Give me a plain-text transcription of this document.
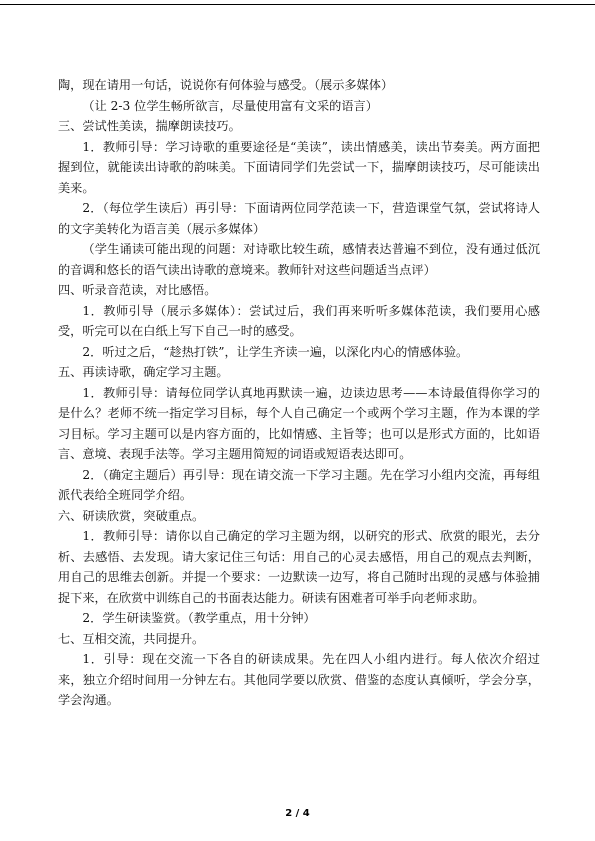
陶，现在请用一句话，说说你有何体验与感受。（展示多媒体）

（让 2-3 位学生畅所欲言，尽量使用富有文采的语言）

三、尝试性美读，揣摩朗读技巧。

1．教师引导：学习诗歌的重要途径是“美读”，读出情感美，读出节奏美。两方面把握到位，就能读出诗歌的韵味美。下面请同学们先尝试一下，揣摩朗读技巧，尽可能读出美来。

2．（每位学生读后）再引导：下面请两位同学范读一下，营造课堂气氛，尝试将诗人的文字美转化为语言美（展示多媒体）

（学生诵读可能出现的问题：对诗歌比较生疏，感情表达普遍不到位，没有通过低沉的音调和悠长的语气读出诗歌的意境来。教师针对这些问题适当点评）

四、听录音范读，对比感悟。

1．教师引导（展示多媒体）：尝试过后，我们再来听听多媒体范读，我们要用心感受，听完可以在白纸上写下自己一时的感受。

2．听过之后，“趁热打铁”，让学生齐读一遍，以深化内心的情感体验。

五、再读诗歌，确定学习主题。

1．教师引导：请每位同学认真地再默读一遍，边读边思考——本诗最值得你学习的是什么？老师不统一指定学习目标，每个人自己确定一个或两个学习主题，作为本课的学习目标。学习主题可以是内容方面的，比如情感、主旨等；也可以是形式方面的，比如语言、意境、表现手法等。学习主题用简短的词语或短语表达即可。

2．（确定主题后）再引导：现在请交流一下学习主题。先在学习小组内交流，再每组派代表给全班同学介绍。

六、研读欣赏，突破重点。

1．教师引导：请你以自己确定的学习主题为纲，以研究的形式、欣赏的眼光，去分析、去感悟、去发现。请大家记住三句话：用自己的心灵去感悟，用自己的观点去判断，用自己的思维去创新。并提一个要求：一边默读一边写，将自己随时出现的灵感与体验捕捉下来，在欣赏中训练自己的书面表达能力。研读有困难者可举手向老师求助。

2．学生研读鉴赏。（教学重点，用十分钟）

七、互相交流，共同提升。

1．引导：现在交流一下各自的研读成果。先在四人小组内进行。每人依次介绍过来，独立介绍时间用一分钟左右。其他同学要以欣赏、借鉴的态度认真倾听，学会分享，学会沟通。

2 / 4
